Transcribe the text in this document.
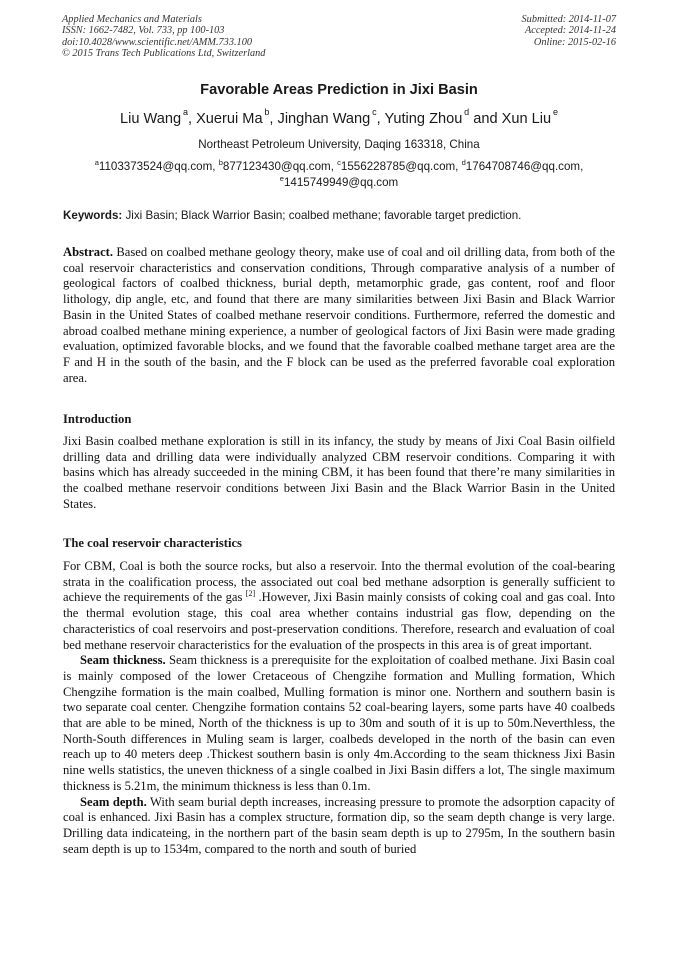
Applied Mechanics and Materials
ISSN: 1662-7482, Vol. 733, pp 100-103
doi:10.4028/www.scientific.net/AMM.733.100
© 2015 Trans Tech Publications Ltd, Switzerland
Submitted: 2014-11-07
Accepted: 2014-11-24
Online: 2015-02-16
Favorable Areas Prediction in Jixi Basin
Liu Wang  $^a$, Xuerui Ma  $^b$, Jinghan Wang  $^c$, Yuting Zhou  $^d$ and Xun Liu  $^e$
Northeast Petroleum University, Daqing 163318, China
$^a$1103373524@qq.com, $^b$877123430@qq.com, $^c$1556228785@qq.com, $^d$1764708746@qq.com,
$^e$1415749949@qq.com
Keywords: Jixi Basin; Black Warrior Basin; coalbed methane; favorable target prediction.

Abstract. Based on coalbed methane geology theory, make use of coal and oil drilling data, from both of the coal reservoir characteristics and conservation conditions, Through comparative analysis of a number of geological factors of coalbed thickness, burial depth, metamorphic grade, gas content, roof and floor lithology, dip angle, etc, and found that there are many similarities between Jixi Basin and Black Warrior Basin in the United States of coalbed methane reservoir conditions. Furthermore, referred the domestic and abroad coalbed methane mining experience, a number of geological factors of Jixi Basin were made grading evaluation, optimized favorable blocks, and we found that the favorable coalbed methane target area are the F and H in the south of the basin, and the F block can be used as the preferred favorable coal exploration area.

Introduction

Jixi Basin coalbed methane exploration is still in its infancy, the study by means of Jixi Coal Basin oilfield drilling data and drilling data were individually analyzed CBM reservoir conditions. Comparing it with basins which has already succeeded in the mining CBM, it has been found that there’re many similarities in the coalbed methane reservoir conditions between Jixi Basin and the Black Warrior Basin in the United States.

The coal reservoir characteristics

For CBM, Coal is both the source rocks, but also a reservoir. Into the thermal evolution of the coal-bearing strata in the coalification process, the associated out coal bed methane adsorption is generally sufficient to achieve the requirements of the gas [2] .However, Jixi Basin mainly consists of coking coal and gas coal. Into the thermal evolution stage, this coal area whether contains industrial gas flow, depending on the characteristics of coal reservoirs and post-preservation conditions. Therefore, research and evaluation of coal bed methane reservoir characteristics for the evaluation of the prospects in this area is of great important.

Seam thickness. Seam thickness is a prerequisite for the exploitation of coalbed methane. Jixi Basin coal is mainly composed of the lower Cretaceous of Chengzihe formation and Mulling formation, Which Chengzihe formation is the main coalbed, Mulling formation is minor one. Northern and southern basin is two separate coal center. Chengzihe formation contains 52 coal-bearing layers, some parts have 40 coalbeds that are able to be mined, North of the thickness is up to 30m and south of it is up to 50m.Neverthless, the North-South differences in Muling seam is larger, coalbeds developed in the north of the basin can even reach up to 40 meters deep .Thickest southern basin is only 4m.According to the seam thickness Jixi Basin nine wells statistics, the uneven thickness of a single coalbed in Jixi Basin differs a lot, The single maximum thickness is 5.21m, the minimum thickness is less than 0.1m.

Seam depth. With seam burial depth increases, increasing pressure to promote the adsorption capacity of coal is enhanced. Jixi Basin has a complex structure, formation dip, so the seam depth change is very large. Drilling data indicateing, in the northern part of the basin seam depth is up to 2795m, In the southern basin seam depth is up to 1534m, compared to the north and south of buried
